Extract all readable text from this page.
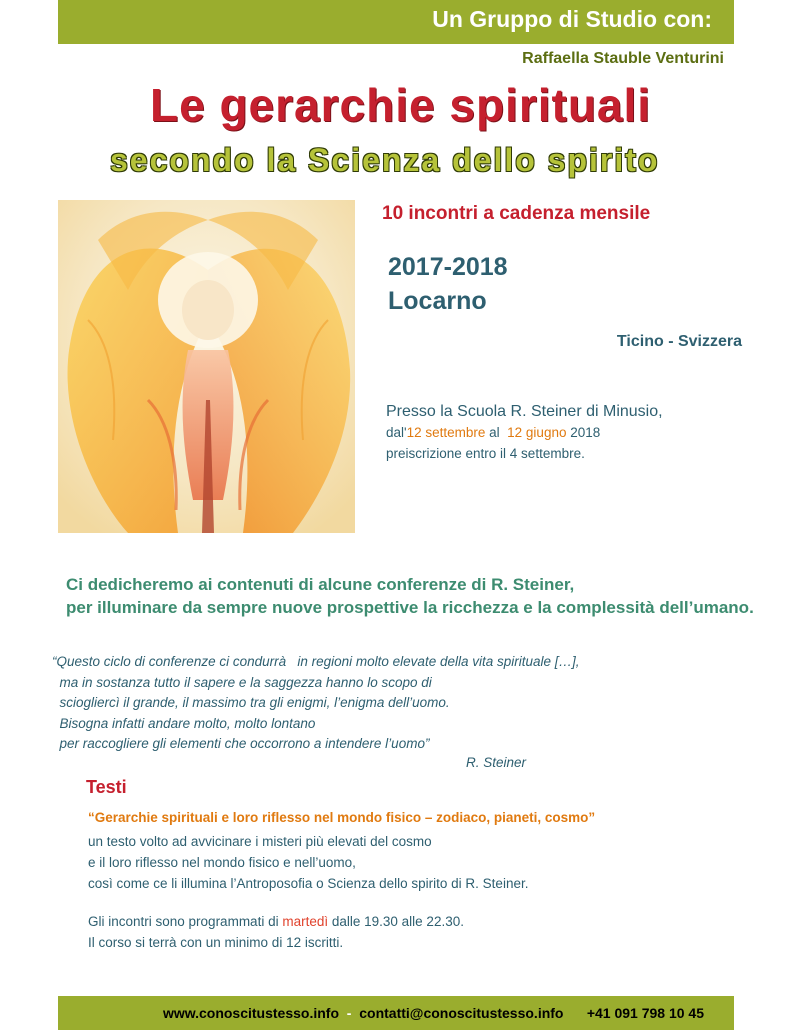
Un Gruppo di Studio con:
Raffaella Stauble Venturini
Le gerarchie spirituali
secondo la Scienza dello spirito
10 incontri a cadenza mensile
2017-2018
Locarno
Ticino - Svizzera
Presso la Scuola R. Steiner di Minusio,
dal'12 settembre al  12 giugno 2018
preiscrizione entro il 4 settembre.
Ci dedicheremo ai contenuti di alcune conferenze di R. Steiner,
per illuminare da sempre nuove prospettive la ricchezza e la complessità dell’umano.
“Questo ciclo di conferenze ci condurrà   in regioni molto elevate della vita spirituale […],
ma in sostanza tutto il sapere e la saggezza hanno lo scopo di
sciogliercì il grande, il massimo tra gli enigmi, l’enigma dell’uomo.
Bisogna infatti andare molto, molto lontano
per raccogliere gli elementi che occorrono a intendere l’uomo”
R. Steiner
Testi
“Gerarchie spirituali e loro riflesso nel mondo fisico – zodiaco, pianeti, cosmo”
un testo volto ad avvicinare i misteri più elevati del cosmo
e il loro riflesso nel mondo fisico e nell’uomo,
così come ce li illumina l’Antroposofia o Scienza dello spirito di R. Steiner.
Gli incontri sono programmati di martedì dalle 19.30 alle 22.30.
Il corso si terrà con un minimo di 12 iscritti.
www.conoscitustesso.info  -  contatti@conoscitustesso.info +41 091 798 10 45
